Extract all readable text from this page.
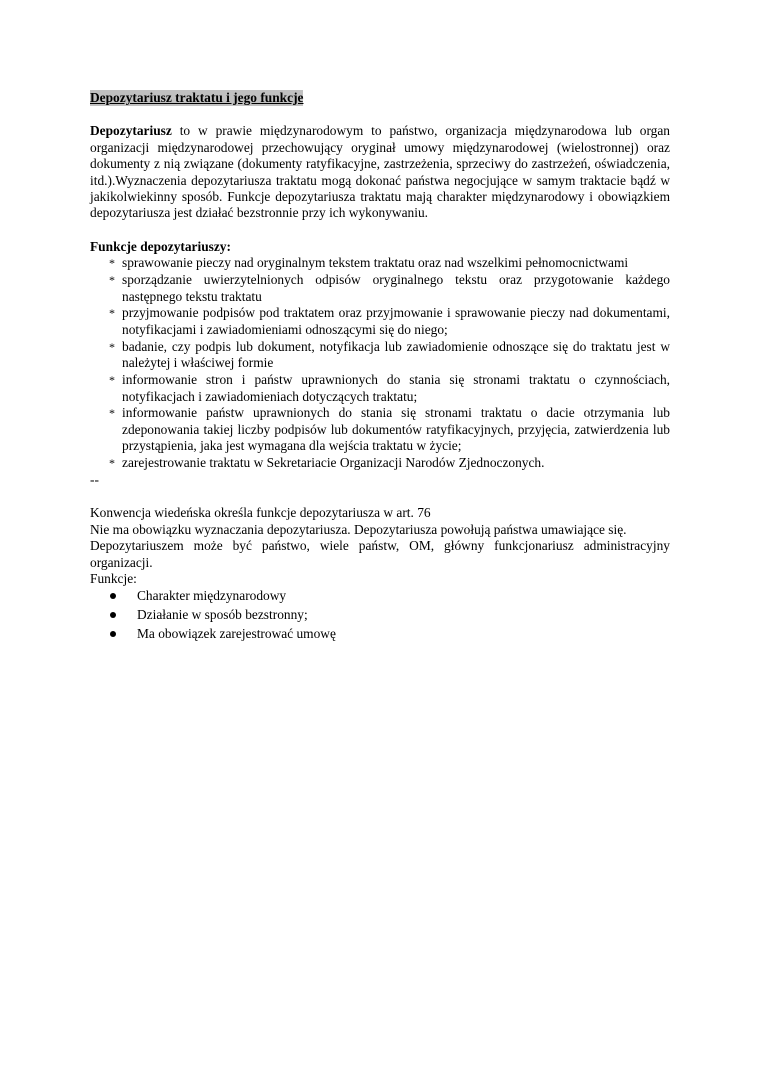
Depozytariusz traktatu i jego funkcje

Depozytariusz to w prawie międzynarodowym to państwo, organizacja międzynarodowa lub organ organizacji międzynarodowej przechowujący oryginał umowy międzynarodowej (wielostronnej) oraz dokumenty z nią związane (dokumenty ratyfikacyjne, zastrzeżenia, sprzeciwy do zastrzeżeń, oświadczenia, itd.).Wyznaczenia depozytariusza traktatu mogą dokonać państwa negocjujące w samym traktacie bądź w jakikolwiekinny sposób. Funkcje depozytariusza traktatu mają charakter międzynarodowy i obowiązkiem depozytariusza jest działać bezstronnie przy ich wykonywaniu.

Funkcje depozytariuszy:

* sprawowanie pieczy nad oryginalnym tekstem traktatu oraz nad wszelkimi pełnomocnictwami
* sporządzanie uwierzytelnionych odpisów oryginalnego tekstu oraz przygotowanie każdego następnego tekstu traktatu
* przyjmowanie podpisów pod traktatem oraz przyjmowanie i sprawowanie pieczy nad dokumentami, notyfikacjami i zawiadomieniami odnoszącymi się do niego;
* badanie, czy podpis lub dokument, notyfikacja lub zawiadomienie odnoszące się do traktatu jest w należytej i właściwej formie
* informowanie stron i państw uprawnionych do stania się stronami traktatu o czynnościach, notyfikacjach i zawiadomieniach dotyczących traktatu;
* informowanie państw uprawnionych do stania się stronami traktatu o dacie otrzymania lub zdeponowania takiej liczby podpisów lub dokumentów ratyfikacyjnych, przyjęcia, zatwierdzenia lub przystąpienia, jaka jest wymagana dla wejścia traktatu w życie;
* zarejestrowanie traktatu w Sekretariacie Organizacji Narodów Zjednoczonych.

--

Konwencja wiedeńska określa funkcje depozytariusza w art. 76

Nie ma obowiązku wyznaczania depozytariusza. Depozytariusza powołują państwa umawiające się.

Depozytariuszem może być państwo, wiele państw, OM, główny funkcjonariusz administracyjny organizacji.

Funkcje:

Charakter międzynarodowy
Działanie w sposób bezstronny;
Ma obowiązek zarejestrować umowę
